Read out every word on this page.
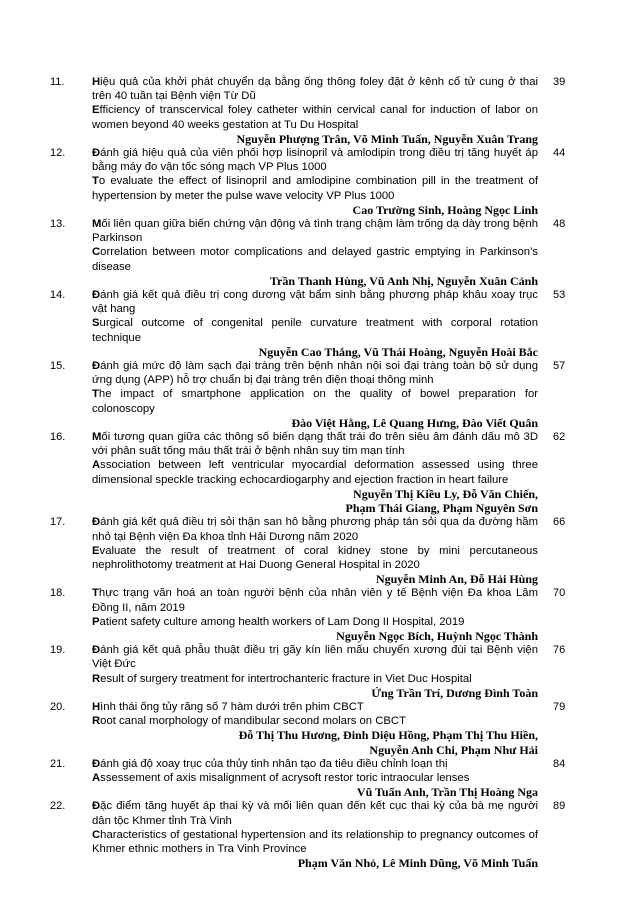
11.	Hiệu quả của khởi phát chuyển dạ bằng ống thông foley đặt ở kênh cổ tử cung ở thai trên 40 tuần tại Bệnh viện Từ Dũ
Efficiency of transcervical foley catheter within cervical canal for induction of labor on women beyond 40 weeks gestation at Tu Du Hospital
Nguyễn Phượng Trân, Võ Minh Tuấn, Nguyễn Xuân Trang
39
12.	Đánh giá hiệu quả của viên phối hợp lisinopril và amlodipin trong điều trị tăng huyết áp bằng máy đo vận tốc sóng mạch VP Plus 1000
To evaluate the effect of lisinopril and amlodipine combination pill in the treatment of hypertension by meter the pulse wave velocity VP Plus 1000
Cao Trường Sinh, Hoàng Ngọc Linh
44
13.	Mối liên quan giữa biến chứng vận động và tình trạng chậm làm trống dạ dày trong bệnh Parkinson
Correlation between motor complications and delayed gastric emptying in Parkinson’s disease
Trần Thanh Hùng, Vũ Anh Nhị, Nguyễn Xuân Cảnh
48
14.	Đánh giá kết quả điều trị cong dương vật bẩm sinh bằng phương pháp khâu xoay trục vật hang
Surgical outcome of congenital penile curvature treatment with corporal rotation technique
Nguyễn Cao Thắng, Vũ Thái Hoàng, Nguyễn Hoài Bắc
53
15.	Đánh giá mức độ làm sạch đại tràng trên bệnh nhân nội soi đại tràng toàn bộ sử dụng ứng dụng (APP) hỗ trợ chuẩn bị đại tràng trên điện thoại thông minh
The impact of smartphone application on the quality of bowel preparation for colonoscopy
Đào Việt Hằng, Lê Quang Hưng, Đào Viết Quân
57
16.	Mối tương quan giữa các thông số biến dạng thất trái đo trên siêu âm đánh dấu mô 3D với phân suất tống máu thất trái ở bệnh nhân suy tim mạn tính
Association between left ventricular myocardial deformation assessed using three dimensional speckle tracking echocardiogarphy and ejection fraction in heart failure
Nguyễn Thị Kiều Ly, Đỗ Văn Chiến,
Phạm Thái Giang, Phạm Nguyên Sơn
62
17.	Đánh giá kết quả điều trị sỏi thận san hô bằng phương pháp tán sỏi qua da đường hầm nhỏ tại Bệnh viện Đa khoa tỉnh Hải Dương năm 2020
Evaluate the result of treatment of coral kidney stone by mini percutaneous nephrolithotomy treatment at Hai Duong General Hospital in 2020
Nguyễn Minh An, Đỗ Hải Hùng
66
18.	Thực trạng văn hoá an toàn người bệnh của nhân viên y tế Bệnh viện Đa khoa Lâm Đồng II, năm 2019
Patient safety culture among health workers of Lam Dong II Hospital, 2019
Nguyễn Ngọc Bích, Huỳnh Ngọc Thành
70
19.	Đánh giá kết quả phẫu thuật điều trị gãy kín liên mấu chuyển xương đùi tại Bệnh viện Việt Đức
Result of surgery treatment for intertrochanteric fracture in Viet Duc Hospital
Ứng Trần Trí, Dương Đình Toàn
76
20.	Hình thái ống tủy răng số 7 hàm dưới trên phim CBCT
Root canal morphology of mandibular second molars on CBCT
Đỗ Thị Thu Hương, Đinh Diệu Hồng, Phạm Thị Thu Hiền,
Nguyễn Anh Chi, Phạm Như Hải
79
21.	Đánh giá độ xoay trục của thủy tinh nhân tạo đa tiêu điều chỉnh loạn thị
Assessement of axis misalignment of acrysoft restor toric intraocular lenses
Vũ Tuấn Anh, Trần Thị Hoàng Nga
84
22.	Đặc điểm tăng huyết áp thai kỳ và mối liên quan đến kết cục thai kỳ của bà mẹ người dân tộc Khmer tỉnh Trà Vinh
Characteristics of gestational hypertension and its relationship to pregnancy outcomes of Khmer ethnic mothers in Tra Vinh Province
Phạm Văn Nhỏ, Lê Minh Dũng, Võ Minh Tuấn
89
